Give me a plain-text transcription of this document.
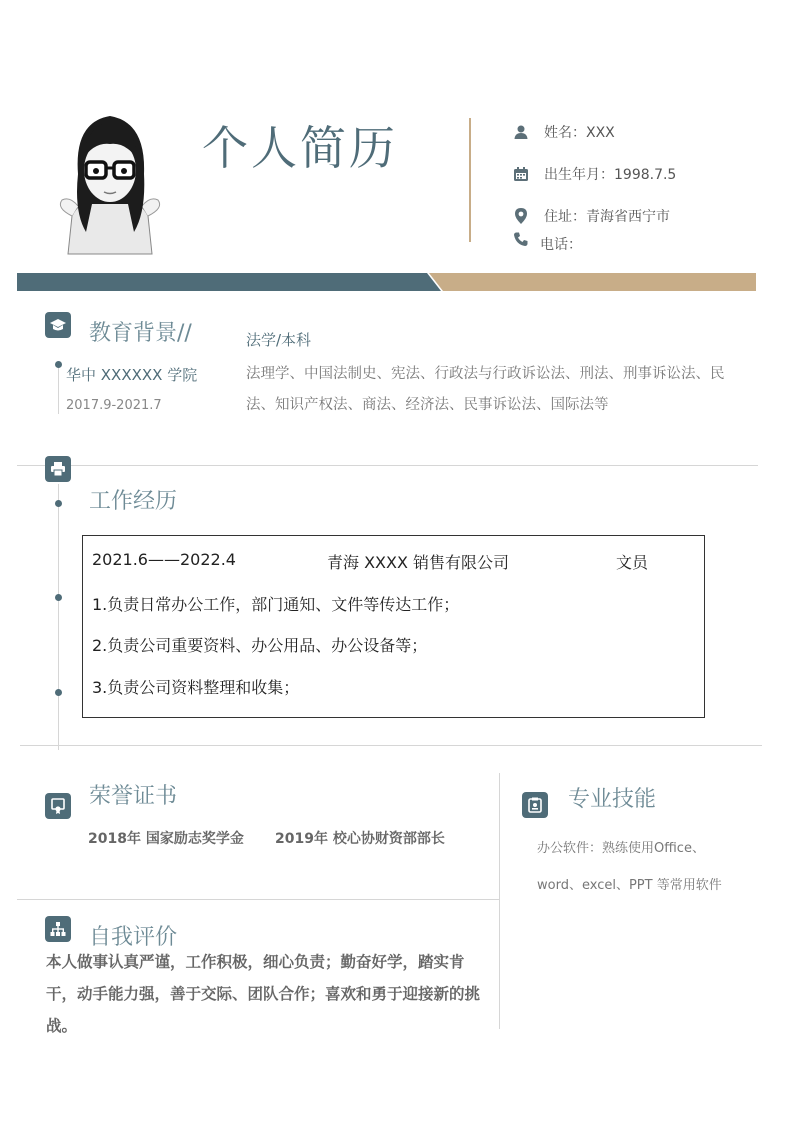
个人简历	姓名：XXX
出生年月：1998.7.5
住址：青海省西宁市
电话：
教育背景//
华中 XXXXXX 学院
2017.9-2021.7
法学/本科
法理学、中国法制史、宪法、行政法与行政诉讼法、刑法、刑事诉讼法、民法、知识产权法、商法、经济法、民事诉讼法、国际法等
工作经历
2021.6——2022.4	青海 XXXX 销售有限公司	文员
1.负责日常办公工作，部门通知、文件等传达工作；
2.负责公司重要资料、办公用品、办公设备等；
3.负责公司资料整理和收集；
荣誉证书
2018年 国家励志奖学金 2019年 校心协财资部部长
专业技能
办公软件：熟练使用Office、
word、excel、PPT 等常用软件
自我评价
本人做事认真严谨，工作积极，细心负责；勤奋好学，踏实肯干，动手能力强，善于交际、团队合作；喜欢和勇于迎接新的挑战。
